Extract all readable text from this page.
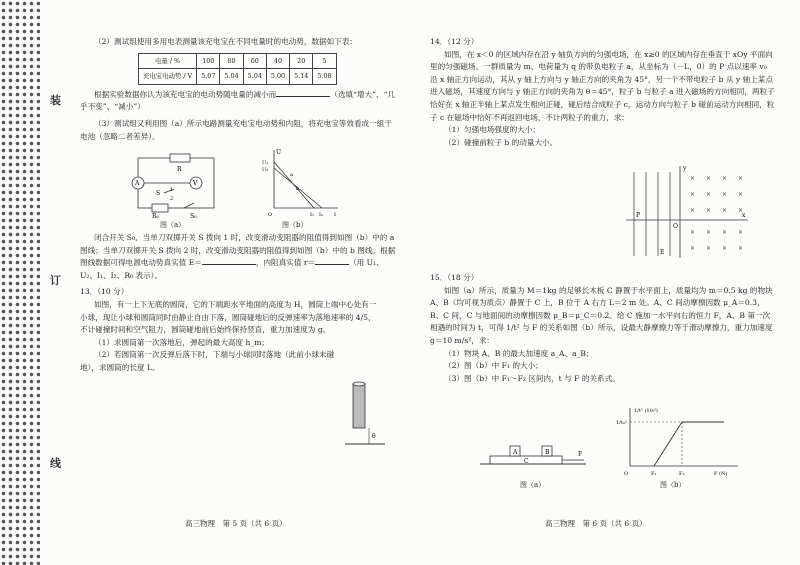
装
订
线

（2）测试组使用多用电表测量该充电宝在不同电量时的电动势，数据如下表：

电量 / %	100	80	60	40	20	5
充电宝电动势 / V	5.07	5.04	5.04	5.00	5.14	5.08

根据实验数据你认为该充电宝的电动势随电量的减小而	（选填“增大”、“几乎不变”、“减小”）

（3）测试组又利用图（a）所示电路测量充电宝电动势和内阻，将充电宝等效看成一組干电池（忽略二者差异）。

R
A	V
S 1
2
R₀	S₀
图（a）
U
U₁
U₂
a
b
O	I₁ I₂ I
图（b）

闭合开关 S₀，当单刀双掷开关 S 拨向 1 时，改变滑动变阻器的阻值得到如图（b）中的 a 图线；当单刀双掷开关 S 拨向 2 时，改变滑动变阻器的阻值得到如图（b）中的 b 图线。根据图线数据可得电源电动势真实值 E＝	，内阻真实值 r＝	（用 U₁、U₂、I₁、I₂、R₀ 表示）。

13．（10 分）

如图，有一上下无底的圆筒，它的下端距水平地面的高度为 H，圆筒上端中心处有一小球，现让小球和圆筒同时由静止自由下落，圆筒碰地后的反弹速率为落地速率的 4/5，不计碰撞时间和空气阻力，圆筒碰地前后始终保持竖直，重力加速度为 g。

（1）求圆筒第一次落地后，弹起的最大高度 h_m；

（2）若圆筒第一次反弹后落下时，下端与小球同时落地（此前小球未碰地），求圆筒的长度 L。

θ
高三物理　第 5 页（共 6 页）

14．（12 分）

如图，在 x＜0 的区域内存在沿 y 轴负方向的匀强电场，在 x≥0 的区域内存在垂直于 xOy 平面向里的匀强磁场。一群质量为 m、电荷量为 q 的带负电粒子 a，从坐标为（－L，0）的 P 点以速率 v₀ 沿 x 轴正方向运动，其从 y 轴上方向与 y 轴正方向的夹角为 45°，另一个不带电粒子 b 从 y 轴上某点进入磁场，其速度方向与 y 轴正方向的夹角为 θ＝45°，粒子 b 与粒子 a 进入磁场的方向相同，两粒子恰好在 x 轴正半轴上某点发生相向正碰，碰后结合成粒子 c，运动方向与粒子 b 碰前运动方向相同，粒子 c 在磁场中恰好不再返回电场，不计两粒子的重力，求：

（1）匀强电场强度的大小；

（2）碰撞前粒子 b 的动量大小。

× × × ×
× × × ×
× × × ×
× × × ×
× × × ×
y
x
P
O
E

15．（18 分）

如图（a）所示，质量为 M＝1kg 的足够长木板 C 静置于水平面上，质量均为 m＝0.5 kg 的物块 A、B（均可视为质点）静置于 C 上，B 位于 A 右方 L＝2 m 处。A、C 间动摩擦因数 μ_A＝0.3，B、C 间，C 与地面间的动摩擦因数 μ_B＝μ_C＝0.2。给 C 施加一水平向右的恒力 F，A、B 第一次相遇的时间为 t，可得 1/t² 与 F 的关系如图（b）所示，设最大静摩擦力等于滑动摩擦力，重力加速度 g＝10 m/s²，求：

（1）物块 A、B 的最大加速度 a_A、a_B；

（2）图（b）中 F₁ 的大小；

（3）图（b）中 F₁～F₂ 区间内，t 与 F 的关系式。

A	B
C
F
图（a）
1/t² (1/s²)
1/t₀²
O	F₁	F₂	F (N)
图（b）
高三物理　第 6 页（共 6 页）
